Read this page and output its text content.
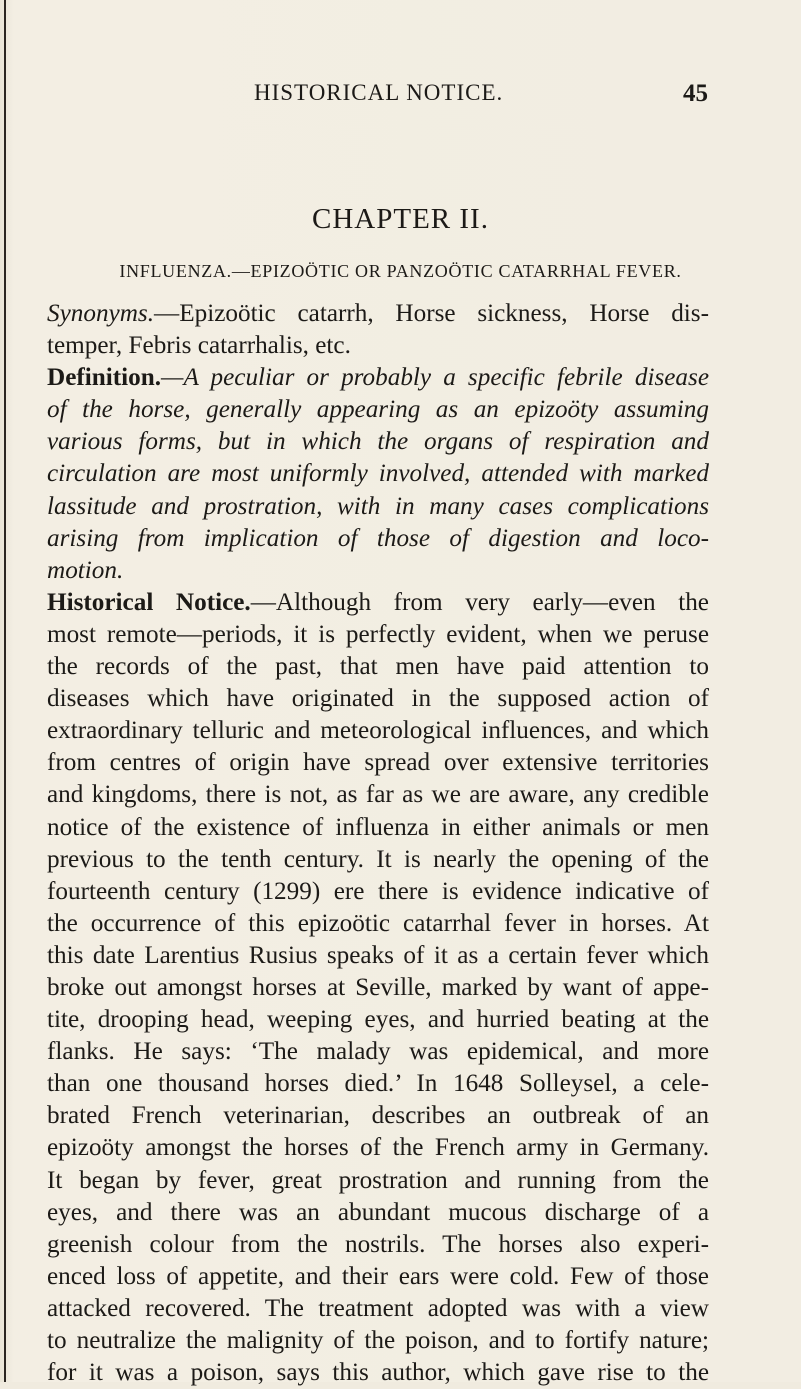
HISTORICAL NOTICE.	45
CHAPTER II.
INFLUENZA.—EPIZOÖTIC OR PANZOÖTIC CATARRHAL FEVER.
Synonyms.—Epizoötic catarrh, Horse sickness, Horse dis-
temper, Febris catarrhalis, etc.
Definition.—A peculiar or probably a specific febrile disease
of the horse, generally appearing as an epizoöty assuming
various forms, but in which the organs of respiration and
circulation are most uniformly involved, attended with marked
lassitude and prostration, with in many cases complications
arising from implication of those of digestion and loco-
motion.
Historical Notice.—Although from very early—even the
most remote—periods, it is perfectly evident, when we peruse
the records of the past, that men have paid attention to
diseases which have originated in the supposed action of
extraordinary telluric and meteorological influences, and which
from centres of origin have spread over extensive territories
and kingdoms, there is not, as far as we are aware, any credible
notice of the existence of influenza in either animals or men
previous to the tenth century. It is nearly the opening of the
fourteenth century (1299) ere there is evidence indicative of
the occurrence of this epizoötic catarrhal fever in horses. At
this date Larentius Rusius speaks of it as a certain fever which
broke out amongst horses at Seville, marked by want of appe-
tite, drooping head, weeping eyes, and hurried beating at the
flanks. He says: ‘The malady was epidemical, and more
than one thousand horses died.’ In 1648 Solleysel, a cele-
brated French veterinarian, describes an outbreak of an
epizoöty amongst the horses of the French army in Germany.
It began by fever, great prostration and running from the
eyes, and there was an abundant mucous discharge of a
greenish colour from the nostrils. The horses also experi-
enced loss of appetite, and their ears were cold. Few of those
attacked recovered. The treatment adopted was with a view
to neutralize the malignity of the poison, and to fortify nature;
for it was a poison, says this author, which gave rise to the
